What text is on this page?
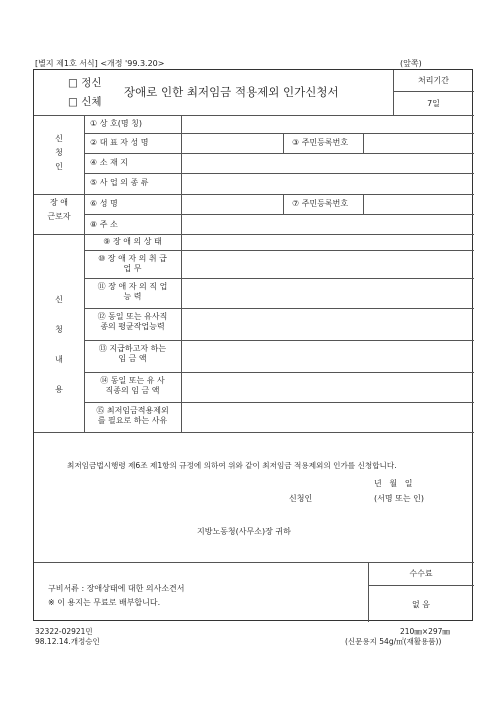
[별지 제1호 서식] <개정 '99.3.20>	(앞쪽)
□ 정신
□ 신체
장애로 인한 최저임금 적용제외 인가신청서
처리기간
7일
신
청
인
① 상 호(명 칭)
② 대 표 자 성 명	③ 주민등록번호
④ 소 재 지
⑤ 사 업 의 종 류
장 애
근로자
⑥ 성 명	⑦ 주민등록번호
⑧ 주 소
신
청
내
용
⑨ 장 애 의 상 태
⑩ 장 애 자 의 취 급
업 무
⑪ 장 애 자 의 직 업
능 력
⑫ 동일 또는 유사직
종의 평균작업능력
⑬ 지급하고자 하는
임 금 액
⑭ 동일 또는 유 사
직종의 임 금 액
⑮ 최저임금적용제외
를 필요로 하는 사유
최저임금법시행령 제6조 제1항의 규정에 의하여 위와 같이 최저임금 적용제외의 인가를 신청합니다.
년   월   일
신청인	(서명 또는 인)
지방노동청(사무소)장 귀하
구비서류 : 장애상태에 대한 의사소견서
※ 이 용지는 무료로 배부합니다.
수수료
없 음
32322-02921민
98.12.14.개정승인
210㎜×297㎜
(신문용지 54g/㎡(재활용품))
